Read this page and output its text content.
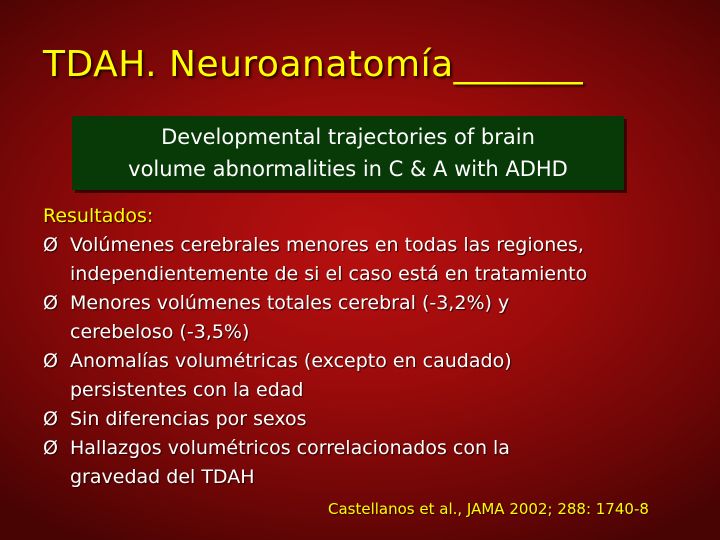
TDAH. Neuroanatomía_______
Developmental trajectories of brain
volume abnormalities in C & A with ADHD
Resultados:
Ø Volúmenes cerebrales menores en todas las regiones,
independientemente de si el caso está en tratamiento
Ø Menores volúmenes totales cerebral (-3,2%) y
cerebeloso (-3,5%)
Ø Anomalías volumétricas (excepto en caudado)
persistentes con la edad
Ø Sin diferencias por sexos
Ø Hallazgos volumétricos correlacionados con la
gravedad del TDAH
Castellanos et al., JAMA 2002; 288: 1740-8
